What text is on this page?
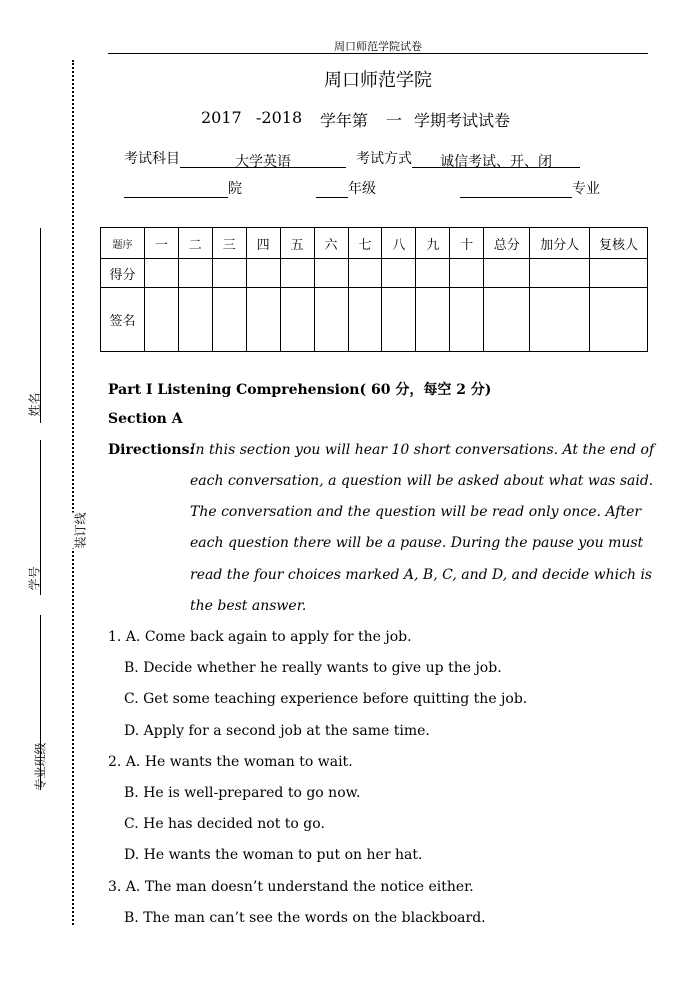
姓名
学号
装订线
专业班级
周口师范学院试卷
周口师范学院
2017 -2018 学年第 一 学期考试试卷
考试科目	大学英语	考试方式 诚信考试、开、闭
院	年级	专业
题序	一	二	三	四	五	六	七	八	九	十	总分	加分人	复核人
得分													
签名													
Part I Listening Comprehension( 60 分，每空 2 分)
Section A
Directions:
In this section you will hear 10 short conversations. At the end of
each conversation, a question will be asked about what was said.
The conversation and the question will be read only once. After
each question there will be a pause. During the pause you must
read the four choices marked A, B, C, and D, and decide which is
the best answer.
1. A. Come back again to apply for the job.
B. Decide whether he really wants to give up the job.
C. Get some teaching experience before quitting the job.
D. Apply for a second job at the same time.
2. A. He wants the woman to wait.
B. He is well-prepared to go now.
C. He has decided not to go.
D. He wants the woman to put on her hat.
3. A. The man doesn’t understand the notice either.
B. The man can’t see the words on the blackboard.
